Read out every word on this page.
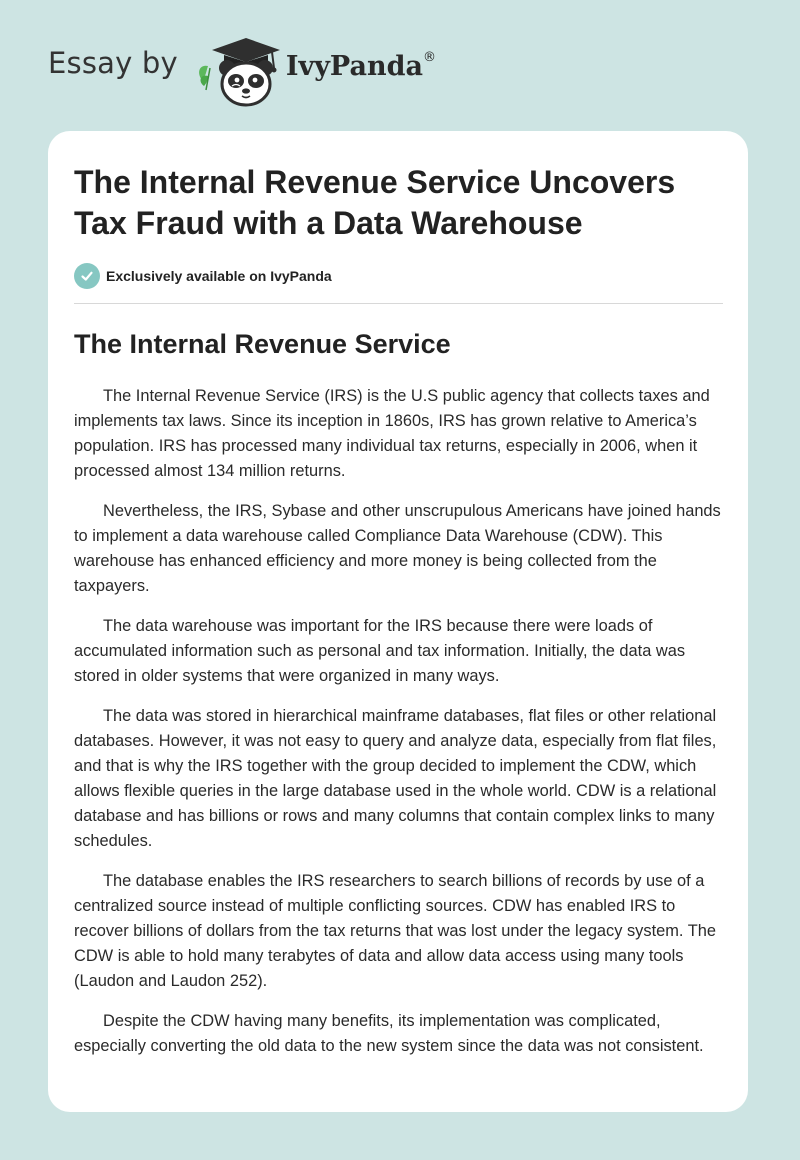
Essay by	IvyPanda®
The Internal Revenue Service Uncovers Tax Fraud with a Data Warehouse
Exclusively available on IvyPanda
The Internal Revenue Service

The Internal Revenue Service (IRS) is the U.S public agency that collects taxes and implements tax laws. Since its inception in 1860s, IRS has grown relative to America’s population. IRS has processed many individual tax returns, especially in 2006, when it processed almost 134 million returns.

Nevertheless, the IRS, Sybase and other unscrupulous Americans have joined hands to implement a data warehouse called Compliance Data Warehouse (CDW). This warehouse has enhanced efficiency and more money is being collected from the taxpayers.

The data warehouse was important for the IRS because there were loads of accumulated information such as personal and tax information. Initially, the data was stored in older systems that were organized in many ways.

The data was stored in hierarchical mainframe databases, flat files or other relational databases. However, it was not easy to query and analyze data, especially from flat files, and that is why the IRS together with the group decided to implement the CDW, which allows flexible queries in the large database used in the whole world. CDW is a relational database and has billions or rows and many columns that contain complex links to many schedules.

The database enables the IRS researchers to search billions of records by use of a centralized source instead of multiple conflicting sources. CDW has enabled IRS to recover billions of dollars from the tax returns that was lost under the legacy system. The CDW is able to hold many terabytes of data and allow data access using many tools (Laudon and Laudon 252).

Despite the CDW having many benefits, its implementation was complicated, especially converting the old data to the new system since the data was not consistent.
